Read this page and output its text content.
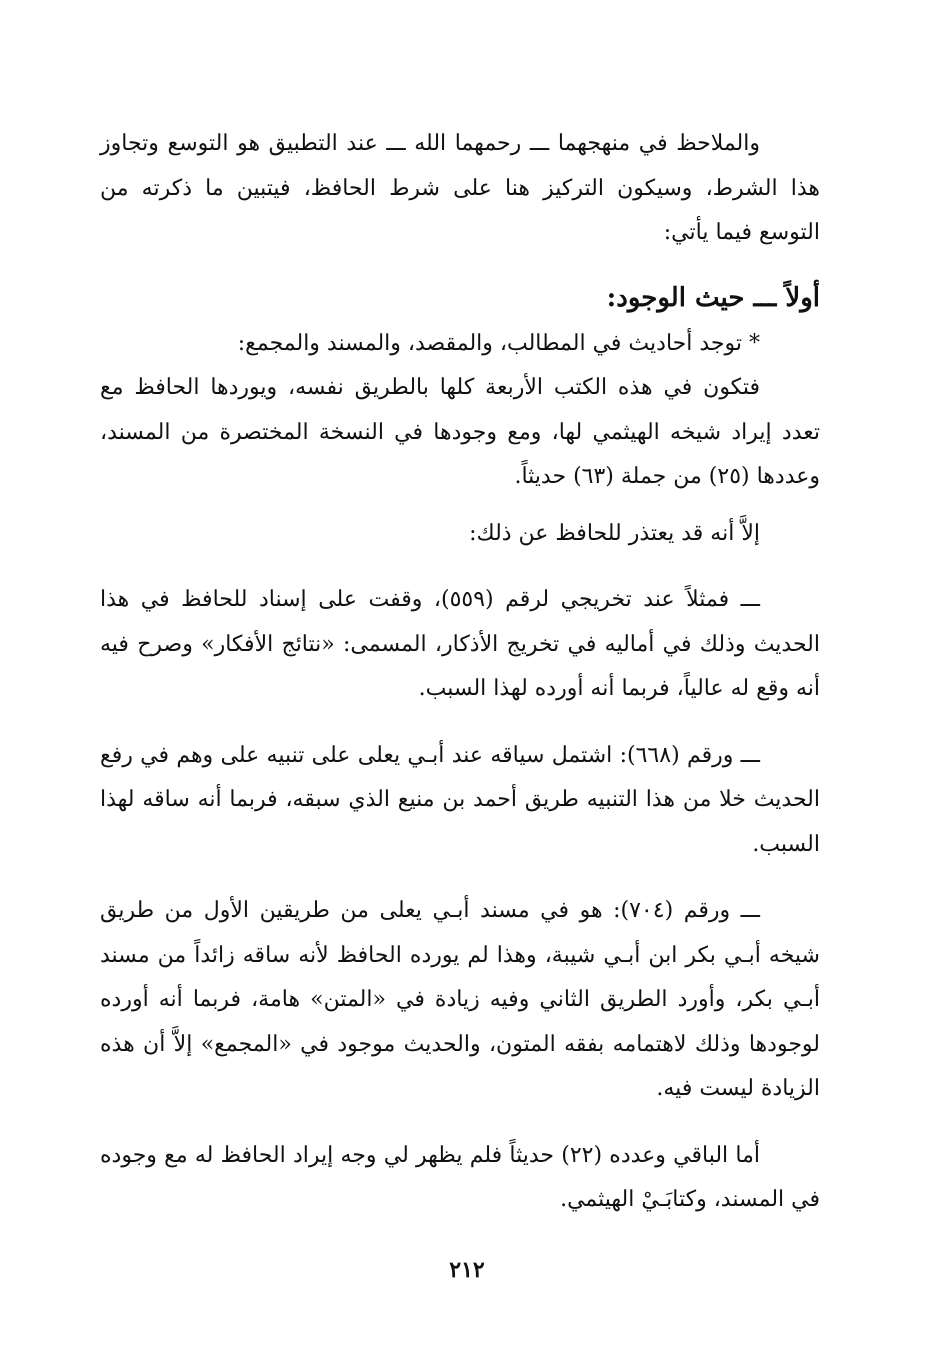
والملاحظ في منهجهما ـــ رحمهما الله ـــ عند التطبيق هو التوسع وتجاوز هذا الشرط، وسيكون التركيز هنا على شرط الحافظ، فيتبين ما ذكرته من التوسع فيما يأتي:

أولاً ـــ حيث الوجود:

* توجد أحاديث في المطالب، والمقصد، والمسند والمجمع:

فتكون في هذه الكتب الأربعة كلها بالطريق نفسه، ويوردها الحافظ مع تعدد إيراد شيخه الهيثمي لها، ومع وجودها في النسخة المختصرة من المسند، وعددها (٢٥) من جملة (٦٣) حديثاً.

إلاَّ أنه قد يعتذر للحافظ عن ذلك:

ـــ فمثلاً عند تخريجي لرقم (٥٥٩)، وقفت على إسناد للحافظ في هذا الحديث وذلك في أماليه في تخريج الأذكار، المسمى: «نتائج الأفكار» وصرح فيه أنه وقع له عالياً، فربما أنه أورده لهذا السبب.

ـــ ورقم (٦٦٨): اشتمل سياقه عند أبـي يعلى على تنبيه على وهم في رفع الحديث خلا من هذا التنبيه طريق أحمد بن منيع الذي سبقه، فربما أنه ساقه لهذا السبب.

ـــ ورقم (٧٠٤): هو في مسند أبـي يعلى من طريقين الأول من طريق شيخه أبـي بكر ابن أبـي شيبة، وهذا لم يورده الحافظ لأنه ساقه زائداً من مسند أبـي بكر، وأورد الطريق الثاني وفيه زيادة في «المتن» هامة، فربما أنه أورده لوجودها وذلك لاهتمامه بفقه المتون، والحديث موجود في «المجمع» إلاَّ أن هذه الزيادة ليست فيه.

أما الباقي وعدده (٢٢) حديثاً فلم يظهر لي وجه إيراد الحافظ له مع وجوده في المسند، وكتابَـيْ الهيثمي.

٢١٢
